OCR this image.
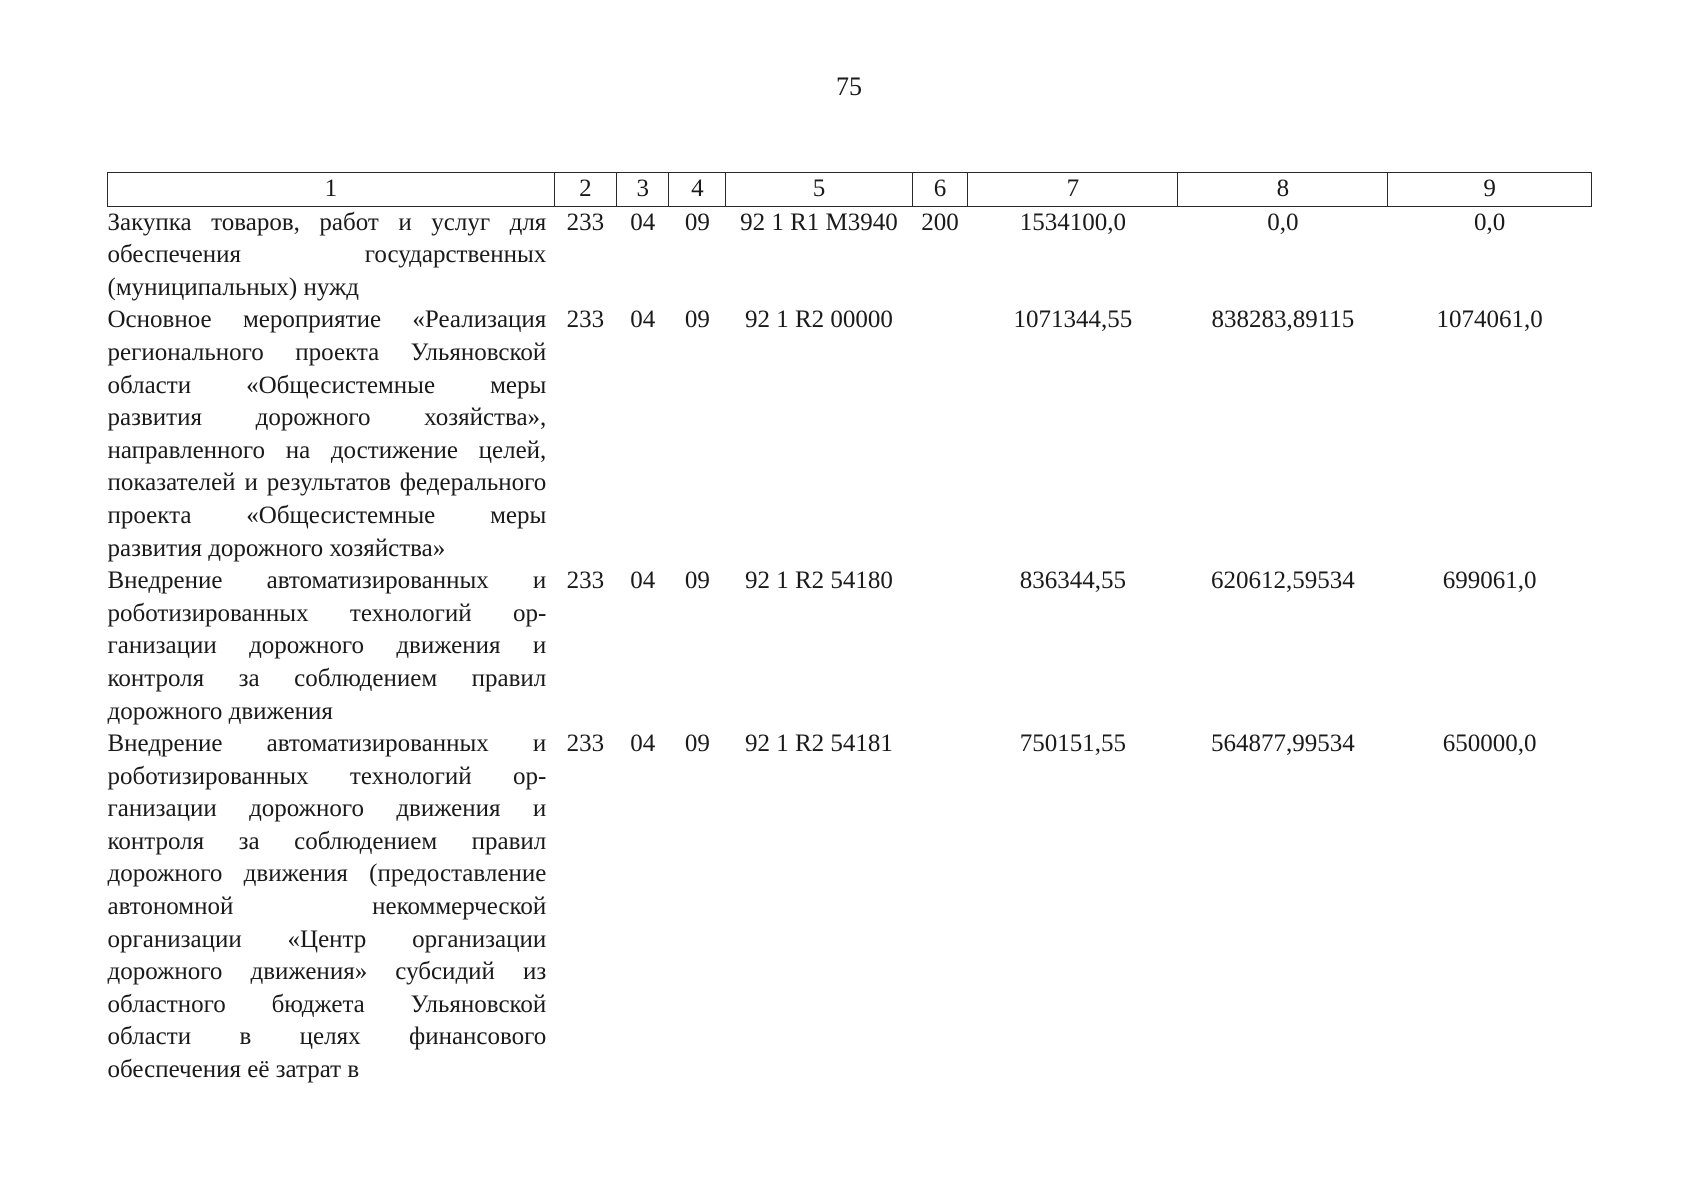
75
1	2	3	4	5	6	7	8	9
Закупка товаров, работ и услуг для обеспечения государственных (муниципальных) нужд	233	04	09	92 1 R1 М3940	200	1534100,0	0,0	0,0
Основное мероприятие «Реализация регионального проекта Ульяновской области «Общесистемные меры развития дорожного хозяйства», направленного на достижение целей, показателей и результатов федерального проекта «Общесистемные меры развития дорожного хозяйства»	233	04	09	92 1 R2 00000		1071344,55	838283,89115	1074061,0
Внедрение автоматизированных и роботизированных технологий организации дорожного движения и контроля за соблюдением правил дорожного движения	233	04	09	92 1 R2 54180		836344,55	620612,59534	699061,0
Внедрение автоматизированных и роботизированных технологий организации дорожного движения и контроля за соблюдением правил дорожного движения (предоставление автономной некоммерческой организации «Центр организации дорожного движения» субсидий из областного бюджета Ульяновской области в целях финансового обеспечения её затрат в	233	04	09	92 1 R2 54181		750151,55	564877,99534	650000,0
